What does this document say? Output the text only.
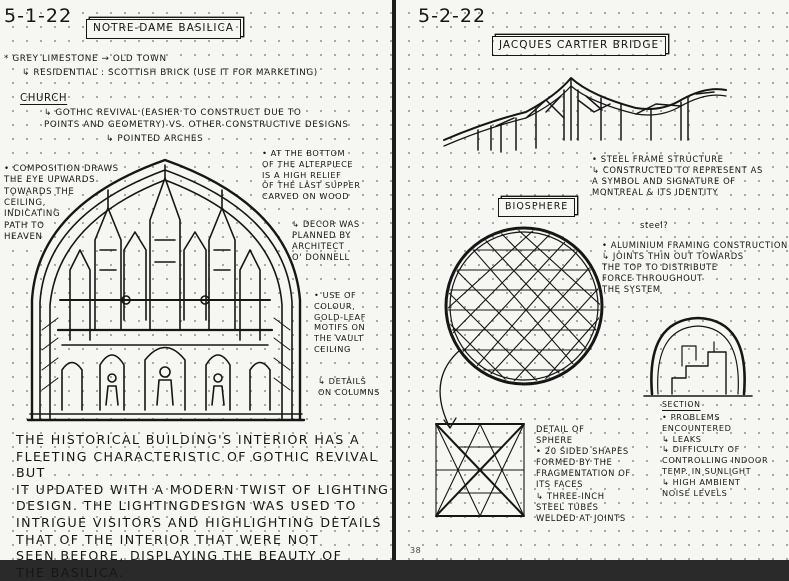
5-1-22

NOTRE-DAME BASILICA

* GREY LIMESTONE → OLD TOWN

↳ RESIDENTIAL : SCOTTISH BRICK (USE IT FOR MARKETING)

CHURCH

↳ GOTHIC REVIVAL (EASIER TO CONSTRUCT DUE TO
POINTS AND GEOMETRY) VS. OTHER CONSTRUCTIVE DESIGNS

↳ POINTED ARCHES

• COMPOSITION DRAWS
THE EYE UPWARDS
TOWARDS THE
CEILING,
INDICATING
PATH TO
HEAVEN

• AT THE BOTTOM
OF THE ALTERPIECE
IS A HIGH RELIEF
OF THE LAST SUPPER
CARVED ON WOOD

↳ DECOR WAS
PLANNED BY
ARCHITECT
O' DONNELL

• USE OF
COLOUR,
GOLD-LEAF
MOTIFS ON
THE VAULT
CEILING

↳ DETAILS
ON COLUMNS

THE HISTORICAL BUILDING'S INTERIOR HAS A
FLEETING CHARACTERISTIC OF GOTHIC REVIVAL BUT
IT UPDATED WITH A MODERN TWIST OF LIGHTING
DESIGN. THE LIGHTINGDESIGN WAS USED TO
INTRIGUE VISITORS AND HIGHLIGHTING DETAILS
THAT OF THE INTERIOR THAT WERE NOT
SEEN BEFORE, DISPLAYING THE BEAUTY OF
THE BASILICA.

5-2-22

JACQUES CARTIER BRIDGE

• STEEL FRAME STRUCTURE
↳ CONSTRUCTED TO REPRESENT AS
A SYMBOL AND SIGNATURE OF
MONTREAL & ITS IDENTITY

BIOSPHERE

steel?

• ALUMINIUM FRAMING CONSTRUCTION
↳ JOINTS THIN OUT TOWARDS
THE TOP TO DISTRIBUTE
FORCE THROUGHOUT
THE SYSTEM

DETAIL OF
SPHERE
• 20 SIDED SHAPES
FORMED BY THE
FRAGMENTATION OF
ITS FACES
↳ THREE-INCH
STEEL TUBES
WELDED AT JOINTS

SECTION

• PROBLEMS ENCOUNTERED
↳ LEAKS
↳ DIFFICULTY OF
CONTROLLING INDOOR
TEMP. IN SUNLIGHT
↳ HIGH AMBIENT
NOISE LEVELS

38
